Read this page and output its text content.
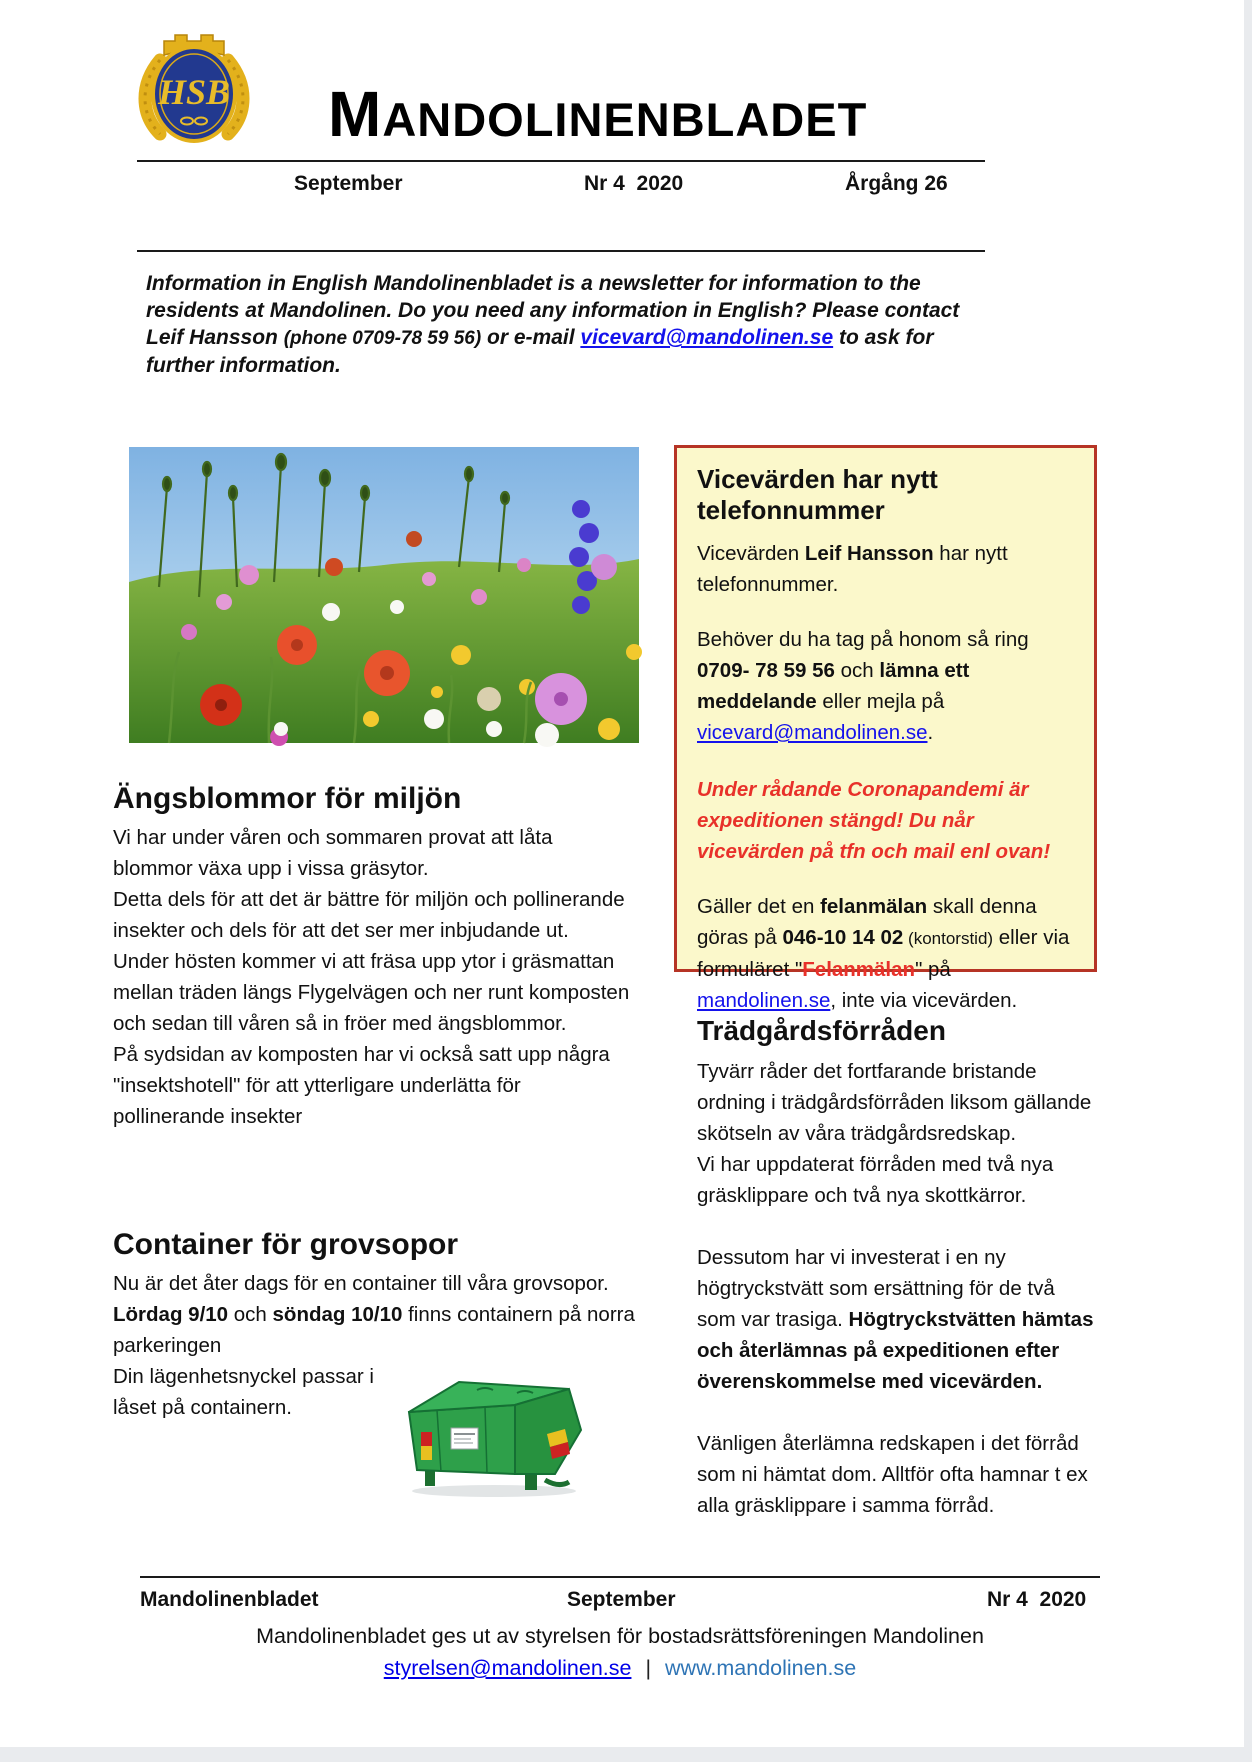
HSB MANDOLINENBLADET
September	Nr 4  2020	Årgång 26
Information in English Mandolinenbladet is a newsletter for information to the residents at Mandolinen. Do you need any information in English? Please contact Leif Hansson (phone 0709-78 59 56) or e-mail vicevard@mandolinen.se to ask for further information.
Ängsblommor för miljön
Vi har under våren och sommaren provat att låta blommor växa upp i vissa gräsytor.
Detta dels för att det är bättre för miljön och pollinerande insekter och dels för att det ser mer inbjudande ut.
Under hösten kommer vi att fräsa upp ytor i gräsmattan mellan träden längs Flygelvägen och ner runt komposten och sedan till våren så in fröer med ängsblommor.
På sydsidan av komposten har vi också satt upp några "insektshotell" för att ytterligare underlätta för pollinerande insekter
Container för grovsopor
Nu är det åter dags för en container till våra grovsopor. Lördag 9/10 och söndag 10/10 finns containern på norra parkeringen
Din lägenhetsnyckel passar i låset på containern.
Vicevärden har nytt telefonnummer

Vicevärden Leif Hansson har nytt telefonnummer.

Behöver du ha tag på honom så ring 0709- 78 59 56 och lämna ett meddelande eller mejla på vicevard@mandolinen.se.

Under rådande Coronapandemi är expeditionen stängd! Du når vicevärden på tfn och mail enl ovan!

Gäller det en felanmälan skall denna göras på 046-10 14 02 (kontorstid) eller via formuläret "Felanmälan" på mandolinen.se, inte via vicevärden.

Trädgårdsförråden
Tyvärr råder det fortfarande bristande ordning i trädgårdsförråden liksom gällande skötseln av våra trädgårdsredskap.
Vi har uppdaterat förråden med två nya gräsklippare och två nya skottkärror.
Dessutom har vi investerat i en ny högtryckstvätt som ersättning för de två som var trasiga. Högtryckstvätten hämtas och återlämnas på expeditionen efter överenskommelse med vicevärden.
Vänligen återlämna redskapen i det förråd som ni hämtat dom. Alltför ofta hamnar t ex alla gräsklippare i samma förråd.
Mandolinenbladet	September	Nr 4  2020
Mandolinenbladet ges ut av styrelsen för bostadsrättsföreningen Mandolinen
styrelsen@mandolinen.se | www.mandolinen.se
